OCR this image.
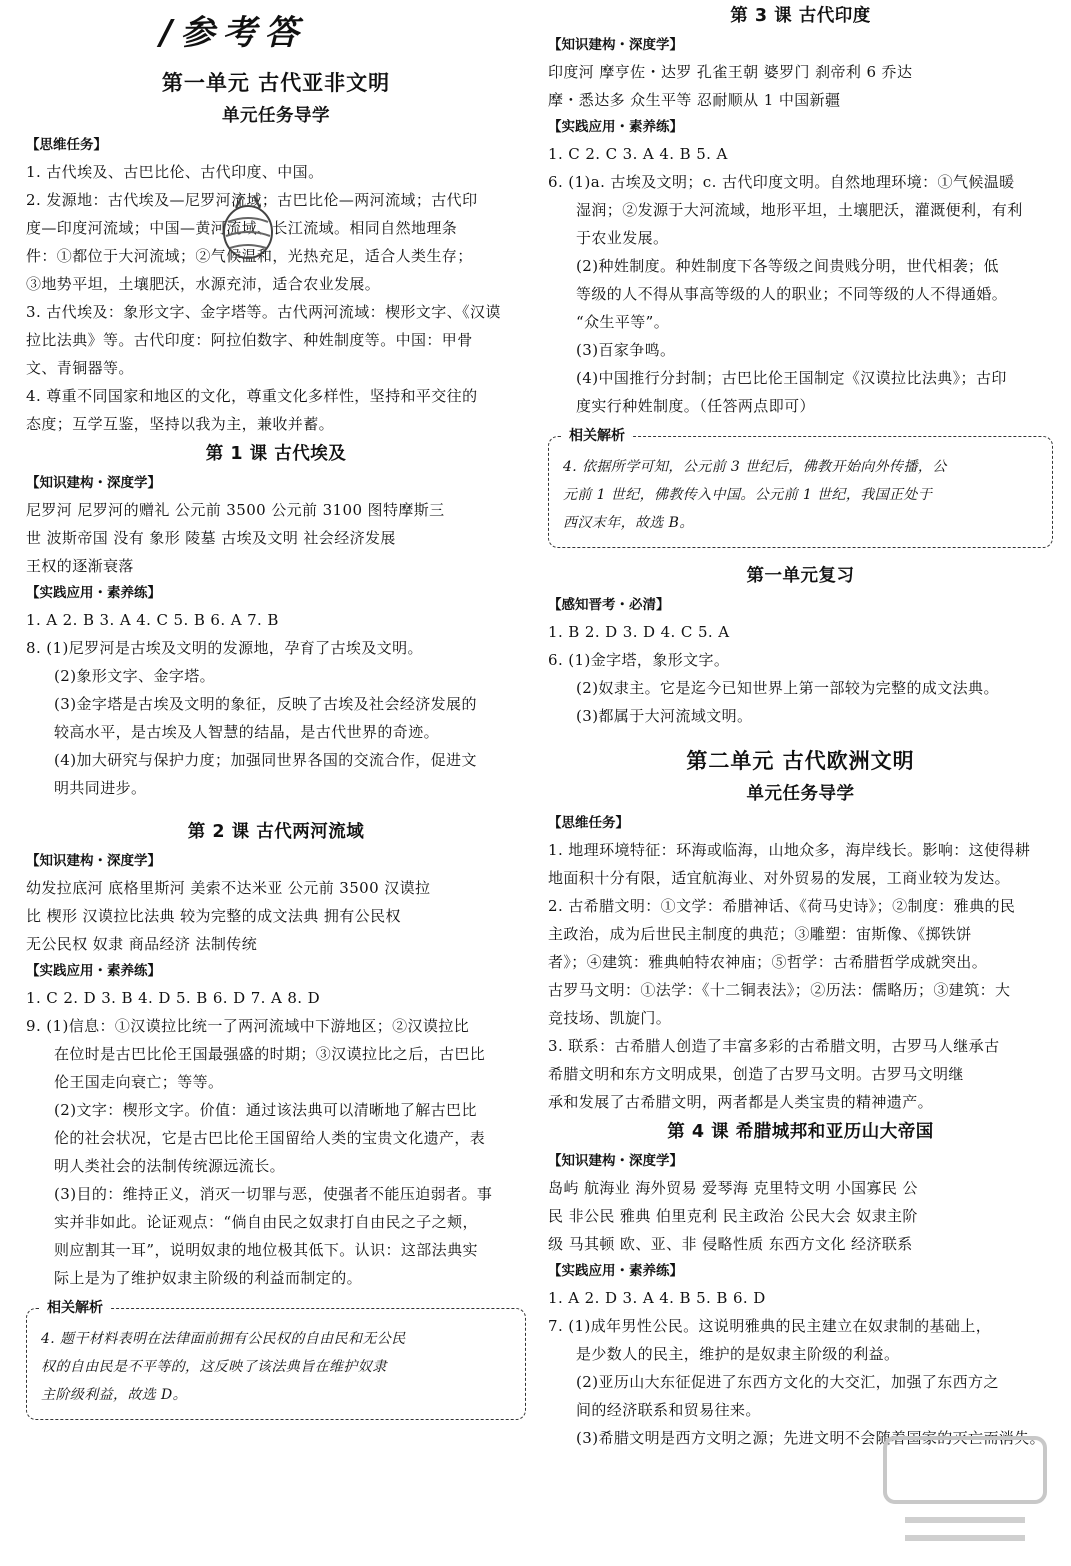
/参考答
第一单元 古代亚非文明
单元任务导学
【思维任务】
1. 古代埃及、古巴比伦、古代印度、中国。
2. 发源地：古代埃及—尼罗河流域；古巴比伦—两河流域；古代印
度—印度河流域；中国—黄河流域、长江流域。相同自然地理条
件：①都位于大河流域；②气候温和，光热充足，适合人类生存；
③地势平坦，土壤肥沃，水源充沛，适合农业发展。
3. 古代埃及：象形文字、金字塔等。古代两河流域：楔形文字、《汉谟
拉比法典》等。古代印度：阿拉伯数字、种姓制度等。中国：甲骨
文、青铜器等。
4. 尊重不同国家和地区的文化，尊重文化多样性，坚持和平交往的
态度；互学互鉴，坚持以我为主，兼收并蓄。
第 1 课 古代埃及
【知识建构・深度学】
尼罗河 尼罗河的赠礼 公元前 3500 公元前 3100 图特摩斯三
世 波斯帝国 没有 象形 陵墓 古埃及文明 社会经济发展
王权的逐渐衰落
【实践应用・素养练】
1. A 2. B 3. A 4. C 5. B 6. A 7. B
8. (1)尼罗河是古埃及文明的发源地，孕育了古埃及文明。
(2)象形文字、金字塔。
(3)金字塔是古埃及文明的象征，反映了古埃及社会经济发展的
较高水平，是古埃及人智慧的结晶，是古代世界的奇迹。
(4)加大研究与保护力度；加强同世界各国的交流合作，促进文
明共同进步。
第 2 课 古代两河流域
【知识建构・深度学】
幼发拉底河 底格里斯河 美索不达米亚 公元前 3500 汉谟拉
比 楔形 汉谟拉比法典 较为完整的成文法典 拥有公民权
无公民权 奴隶 商品经济 法制传统
【实践应用・素养练】
1. C 2. D 3. B 4. D 5. B 6. D 7. A 8. D
9. (1)信息：①汉谟拉比统一了两河流域中下游地区；②汉谟拉比
在位时是古巴比伦王国最强盛的时期；③汉谟拉比之后，古巴比
伦王国走向衰亡；等等。
(2)文字：楔形文字。价值：通过该法典可以清晰地了解古巴比
伦的社会状况，它是古巴比伦王国留给人类的宝贵文化遗产，表
明人类社会的法制传统源远流长。
(3)目的：维持正义，消灭一切罪与恶，使强者不能压迫弱者。事
实并非如此。论证观点：“倘自由民之奴隶打自由民之子之颊，
则应割其一耳”，说明奴隶的地位极其低下。认识：这部法典实
际上是为了维护奴隶主阶级的利益而制定的。
相关解析
4. 题干材料表明在法律面前拥有公民权的自由民和无公民
权的自由民是不平等的，这反映了该法典旨在维护奴隶
主阶级利益，故选 D。
第 3 课 古代印度
【知识建构・深度学】
印度河 摩亨佐・达罗 孔雀王朝 婆罗门 刹帝利 6 乔达
摩・悉达多 众生平等 忍耐顺从 1 中国新疆
【实践应用・素养练】
1. C 2. C 3. A 4. B 5. A
6. (1)a. 古埃及文明；c. 古代印度文明。自然地理环境：①气候温暖
湿润；②发源于大河流域，地形平坦，土壤肥沃，灌溉便利，有利
于农业发展。
(2)种姓制度。种姓制度下各等级之间贵贱分明，世代相袭；低
等级的人不得从事高等级的人的职业；不同等级的人不得通婚。
“众生平等”。
(3)百家争鸣。
(4)中国推行分封制；古巴比伦王国制定《汉谟拉比法典》；古印
度实行种姓制度。（任答两点即可）
相关解析
4. 依据所学可知，公元前 3 世纪后，佛教开始向外传播，公
元前 1 世纪，佛教传入中国。公元前 1 世纪，我国正处于
西汉末年，故选 B。
第一单元复习
【感知晋考・必清】
1. B 2. D 3. D 4. C 5. A
6. (1)金字塔，象形文字。
(2)奴隶主。它是迄今已知世界上第一部较为完整的成文法典。
(3)都属于大河流域文明。
第二单元 古代欧洲文明
单元任务导学
【思维任务】
1. 地理环境特征：环海或临海，山地众多，海岸线长。影响：这使得耕
地面积十分有限，适宜航海业、对外贸易的发展，工商业较为发达。
2. 古希腊文明：①文学：希腊神话、《荷马史诗》；②制度：雅典的民
主政治，成为后世民主制度的典范；③雕塑：宙斯像、《掷铁饼
者》；④建筑：雅典帕特农神庙；⑤哲学：古希腊哲学成就突出。
古罗马文明：①法学：《十二铜表法》；②历法：儒略历；③建筑：大
竞技场、凯旋门。
3. 联系：古希腊人创造了丰富多彩的古希腊文明，古罗马人继承古
希腊文明和东方文明成果，创造了古罗马文明。古罗马文明继
承和发展了古希腊文明，两者都是人类宝贵的精神遗产。
第 4 课 希腊城邦和亚历山大帝国
【知识建构・深度学】
岛屿 航海业 海外贸易 爱琴海 克里特文明 小国寡民 公
民 非公民 雅典 伯里克利 民主政治 公民大会 奴隶主阶
级 马其顿 欧、亚、非 侵略性质 东西方文化 经济联系
【实践应用・素养练】
1. A 2. D 3. A 4. B 5. B 6. D
7. (1)成年男性公民。这说明雅典的民主建立在奴隶制的基础上，
是少数人的民主，维护的是奴隶主阶级的利益。
(2)亚历山大东征促进了东西方文化的大交汇，加强了东西方之
间的经济联系和贸易往来。
(3)希腊文明是西方文明之源；先进文明不会随着国家的灭亡而消失。
